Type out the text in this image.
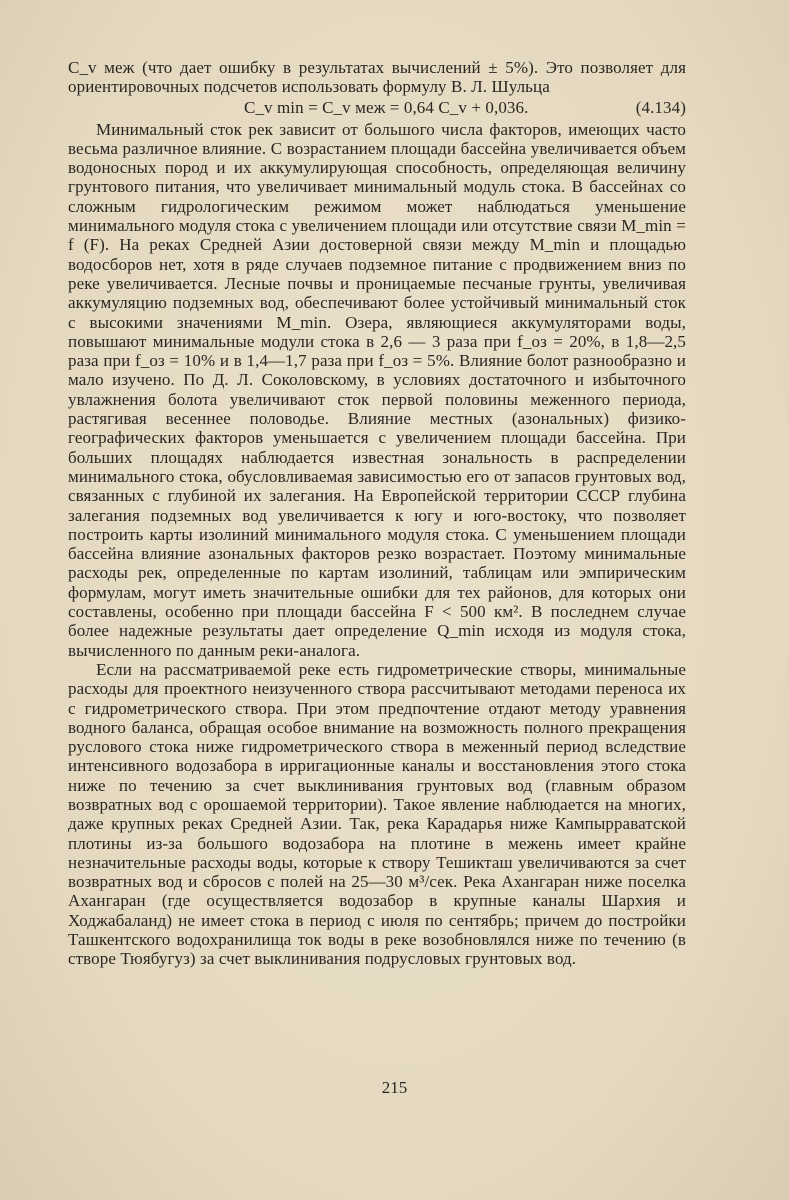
C_v меж (что дает ошибку в результатах вычислений ± 5%). Это позволяет для ориентировочных подсчетов использовать формулу В. Л. Шульца

C_v min = C_v меж = 0,64 C_v + 0,036.	(4.134)

Минимальный сток рек зависит от большого числа факторов, имеющих часто весьма различное влияние. С возрастанием площади бассейна увеличивается объем водоносных пород и их аккумулирующая способность, определяющая величину грунтового питания, что увеличивает минимальный модуль стока. В бассейнах со сложным гидрологическим режимом может наблюдаться уменьшение минимального модуля стока с увеличением площади или отсутствие связи M_min = f (F). На реках Средней Азии достоверной связи между M_min и площадью водосборов нет, хотя в ряде случаев подземное питание с продвижением вниз по реке увеличивается. Лесные почвы и проницаемые песчаные грунты, увеличивая аккумуляцию подземных вод, обеспечивают более устойчивый минимальный сток с высокими значениями M_min. Озера, являющиеся аккумуляторами воды, повышают минимальные модули стока в 2,6 — 3 раза при f_оз = 20%, в 1,8—2,5 раза при f_оз = 10% и в 1,4—1,7 раза при f_оз = 5%. Влияние болот разнообразно и мало изучено. По Д. Л. Соколовскому, в условиях достаточного и избыточного увлажнения болота увеличивают сток первой половины меженного периода, растягивая весеннее половодье. Влияние местных (азональных) физико-географических факторов уменьшается с увеличением площади бассейна. При больших площадях наблюдается известная зональность в распределении минимального стока, обусловливаемая зависимостью его от запасов грунтовых вод, связанных с глубиной их залегания. На Европейской территории СССР глубина залегания подземных вод увеличивается к югу и юго-востоку, что позволяет построить карты изолиний минимального модуля стока. С уменьшением площади бассейна влияние азональных факторов резко возрастает. Поэтому минимальные расходы рек, определенные по картам изолиний, таблицам или эмпирическим формулам, могут иметь значительные ошибки для тех районов, для которых они составлены, особенно при площади бассейна F < 500 км². В последнем случае более надежные результаты дает определение Q_min исходя из модуля стока, вычисленного по данным реки-аналога.

Если на рассматриваемой реке есть гидрометрические створы, минимальные расходы для проектного неизученного створа рассчитывают методами переноса их с гидрометрического створа. При этом предпочтение отдают методу уравнения водного баланса, обращая особое внимание на возможность полного прекращения руслового стока ниже гидрометрического створа в меженный период вследствие интенсивного водозабора в ирригационные каналы и восстановления этого стока ниже по течению за счет выклинивания грунтовых вод (главным образом возвратных вод с орошаемой территории). Такое явление наблюдается на многих, даже крупных реках Средней Азии. Так, река Карадарья ниже Кампырраватской плотины из-за большого водозабора на плотине в межень имеет крайне незначительные расходы воды, которые к створу Тешикташ увеличиваются за счет возвратных вод и сбросов с полей на 25—30 м³/сек. Река Ахангаран ниже поселка Ахангаран (где осуществляется водозабор в крупные каналы Шархия и Ходжабаланд) не имеет стока в период с июля по сентябрь; причем до постройки Ташкентского водохранилища ток воды в реке возобновлялся ниже по течению (в створе Тюябугуз) за счет выклинивания подрусловых грунтовых вод.

215
